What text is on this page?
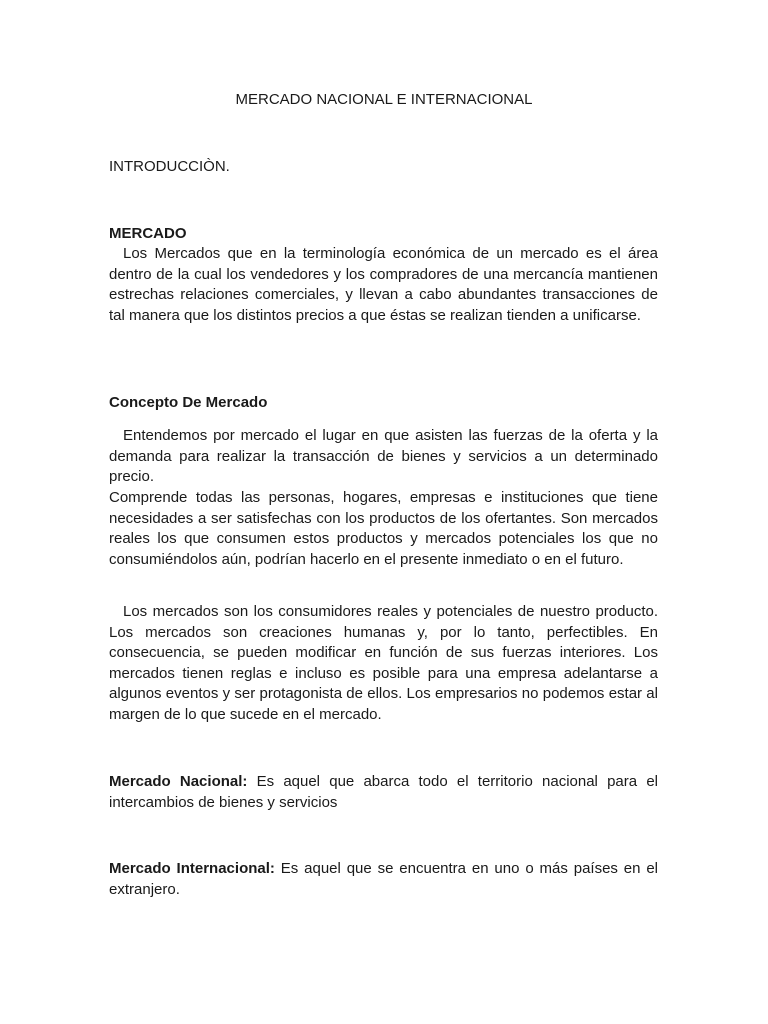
MERCADO NACIONAL E INTERNACIONAL
INTRODUCCIÒN.
MERCADO

Los Mercados que en la terminología económica de un mercado es el área dentro de la cual los vendedores y los compradores de una mercancía mantienen estrechas relaciones comerciales, y llevan a cabo abundantes transacciones de tal manera que los distintos precios a que éstas se realizan tienden a unificarse.

Concepto De Mercado

Entendemos por mercado el lugar en que asisten las fuerzas de la oferta y la demanda para realizar la transacción de bienes y servicios a un determinado precio.

Comprende todas las personas, hogares, empresas e instituciones que tiene necesidades a ser satisfechas con los productos de los ofertantes. Son mercados reales los que consumen estos productos y mercados potenciales los que no consumiéndolos aún, podrían hacerlo en el presente inmediato o en el futuro.

Los mercados son los consumidores reales y potenciales de nuestro producto. Los mercados son creaciones humanas y, por lo tanto, perfectibles. En consecuencia, se pueden modificar en función de sus fuerzas interiores. Los mercados tienen reglas e incluso es posible para una empresa adelantarse a algunos eventos y ser protagonista de ellos. Los empresarios no podemos estar al margen de lo que sucede en el mercado.

Mercado Nacional: Es aquel que abarca todo el territorio nacional para el intercambios de bienes y servicios

Mercado Internacional: Es aquel que se encuentra en uno o más países en el extranjero.
